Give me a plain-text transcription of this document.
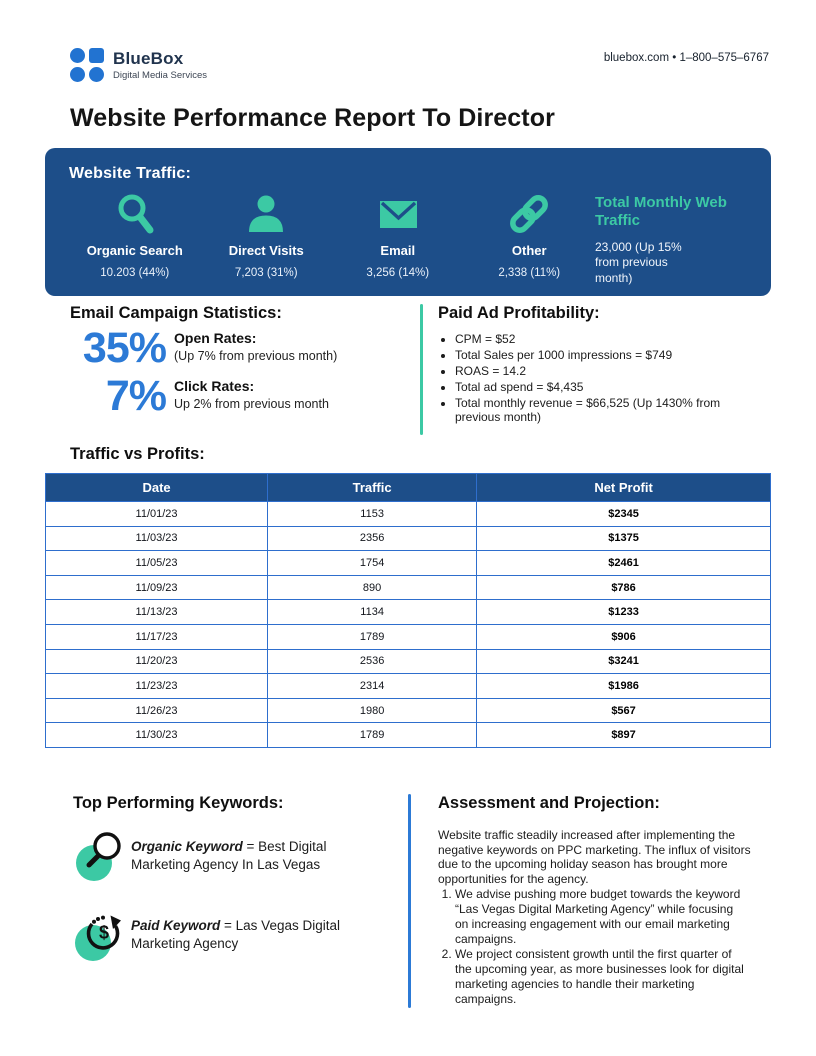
BlueBox
Digital Media Services
bluebox.com • 1–800–575–6767
Website Performance Report To Director
Website Traffic:
Organic Search
10.203 (44%)
Direct Visits
7,203 (31%)
Email
3,256 (14%)
Other
2,338 (11%)
Total Monthly Web Traffic
23,000 (Up 15% from previous month)
Email Campaign Statistics:
35% Open Rates:
(Up 7% from previous month)
7% Click Rates:
Up 2% from previous month
Paid Ad Profitability:
• CPM = $52
• Total Sales per 1000 impressions = $749
• ROAS = 14.2
• Total ad spend = $4,435
• Total monthly revenue = $66,525 (Up 1430% from previous month)
Traffic vs Profits:
Date	Traffic	Net Profit
11/01/23	1153	$2345
11/03/23	2356	$1375
11/05/23	1754	$2461
11/09/23	890	$786
11/13/23	1134	$1233
11/17/23	1789	$906
11/20/23	2536	$3241
11/23/23	2314	$1986
11/26/23	1980	$567
11/30/23	1789	$897
Top Performing Keywords:
Organic Keyword = Best Digital Marketing Agency In Las Vegas
$ Paid Keyword = Las Vegas Digital Marketing Agency
Assessment and Projection:

Website traffic steadily increased after implementing the negative keywords on PPC marketing. The influx of visitors due to the upcoming holiday season has brought more opportunities for the agency.

1. We advise pushing more budget towards the keyword “Las Vegas Digital Marketing Agency” while focusing on increasing engagement with our email marketing campaigns.
2. We project consistent growth until the first quarter of the upcoming year, as more businesses look for digital marketing agencies to handle their marketing campaigns.
